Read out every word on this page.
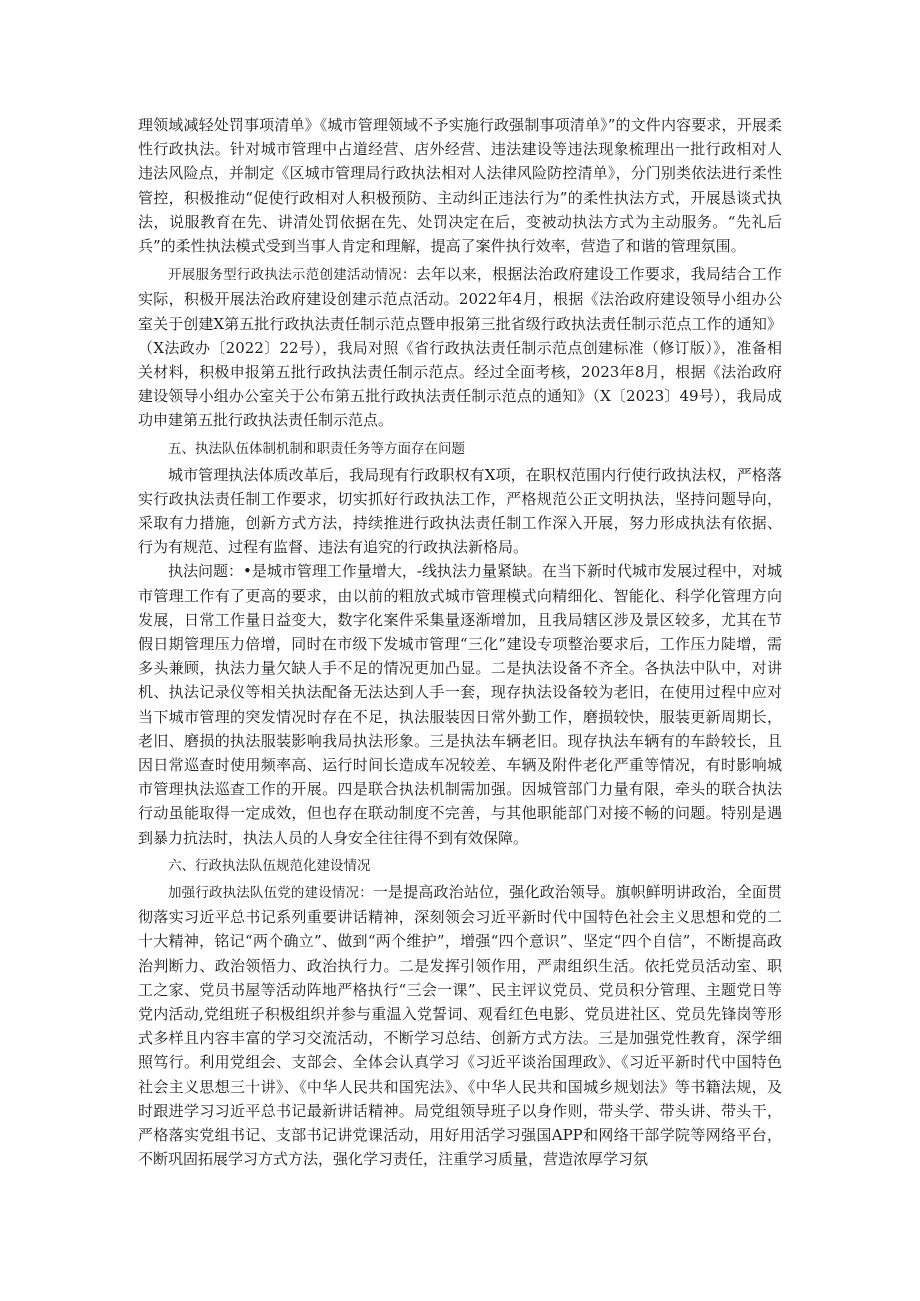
理领域减轻处罚事项清单》《城市管理领域不予实施行政强制事项清单》”的文件内容要求，开展柔性行政执法。针对城市管理中占道经营、店外经营、违法建设等违法现象梳理出一批行政相对人违法风险点，并制定《区城市管理局行政执法相对人法律风险防控清单》，分门别类依法进行柔性管控，积极推动“促使行政相对人积极预防、主动纠正违法行为”的柔性执法方式，开展恳谈式执法，说服教育在先、讲清处罚依据在先、处罚决定在后，变被动执法方式为主动服务。“先礼后兵”的柔性执法模式受到当事人肯定和理解，提高了案件执行效率，营造了和谐的管理氛围。

开展服务型行政执法示范创建活动情况：去年以来，根据法治政府建设工作要求，我局结合工作实际，积极开展法治政府建设创建示范点活动。2022年4月，根据《法治政府建设领导小组办公室关于创建X第五批行政执法责任制示范点暨申报第三批省级行政执法责任制示范点工作的通知》（X法政办〔2022〕22号），我局对照《省行政执法责任制示范点创建标准（修订版）》，准备相关材料，积极申报第五批行政执法责任制示范点。经过全面考核，2023年8月，根据《法治政府建设领导小组办公室关于公布第五批行政执法责任制示范点的通知》（X〔2023〕49号），我局成功申建第五批行政执法责任制示范点。

五、执法队伍体制机制和职责任务等方面存在问题

城市管理执法体质改革后，我局现有行政职权有X项，在职权范围内行使行政执法权，严格落实行政执法责任制工作要求，切实抓好行政执法工作，严格规范公正文明执法，坚持问题导向，采取有力措施，创新方式方法，持续推进行政执法责任制工作深入开展，努力形成执法有依据、行为有规范、过程有监督、违法有追究的行政执法新格局。

执法问题：•是城市管理工作量增大，-线执法力量紧缺。在当下新时代城市发展过程中，对城市管理工作有了更高的要求，由以前的粗放式城市管理模式向精细化、智能化、科学化管理方向发展，日常工作量日益变大，数字化案件采集量逐渐增加，且我局辖区涉及景区较多，尤其在节假日期管理压力倍增，同时在市级下发城市管理“三化”建设专项整治要求后，工作压力陡增，需多头兼顾，执法力量欠缺人手不足的情况更加凸显。二是执法设备不齐全。各执法中队中，对讲机、执法记录仪等相关执法配备无法达到人手一套，现存执法设备较为老旧，在使用过程中应对当下城市管理的突发情况时存在不足，执法服装因日常外勤工作，磨损较快，服装更新周期长，老旧、磨损的执法服装影响我局执法形象。三是执法车辆老旧。现存执法车辆有的车龄较长，且因日常巡查时使用频率高、运行时间长造成车况较差、车辆及附件老化严重等情况，有时影响城市管理执法巡查工作的开展。四是联合执法机制需加强。因城管部门力量有限，牵头的联合执法行动虽能取得一定成效，但也存在联动制度不完善，与其他职能部门对接不畅的问题。特别是遇到暴力抗法时，执法人员的人身安全往往得不到有效保障。

六、行政执法队伍规范化建设情况

加强行政执法队伍党的建设情况：一是提高政治站位，强化政治领导。旗帜鲜明讲政治，全面贯彻落实习近平总书记系列重要讲话精神，深刻领会习近平新时代中国特色社会主义思想和党的二十大精神，铭记“两个确立”、做到“两个维护”，增强“四个意识”、坚定“四个自信”，不断提高政治判断力、政治领悟力、政治执行力。二是发挥引领作用，严肃组织生活。依托党员活动室、职工之家、党员书屋等活动阵地严格执行“三会一课”、民主评议党员、党员积分管理、主题党日等党内活动,党组班子积极组织并参与重温入党誓词、观看红色电影、党员进社区、党员先锋岗等形式多样且内容丰富的学习交流活动，不断学习总结、创新方式方法。三是加强党性教育，深学细照笃行。利用党组会、支部会、全体会认真学习《习近平谈治国理政》、《习近平新时代中国特色社会主义思想三十讲》、《中华人民共和国宪法》、《中华人民共和国城乡规划法》等书籍法规，及时跟进学习习近平总书记最新讲话精神。局党组领导班子以身作则，带头学、带头讲、带头干，严格落实党组书记、支部书记讲党课活动，用好用活学习强国APP和网络干部学院等网络平台，不断巩固拓展学习方式方法，强化学习责任，注重学习质量，营造浓厚学习氛
